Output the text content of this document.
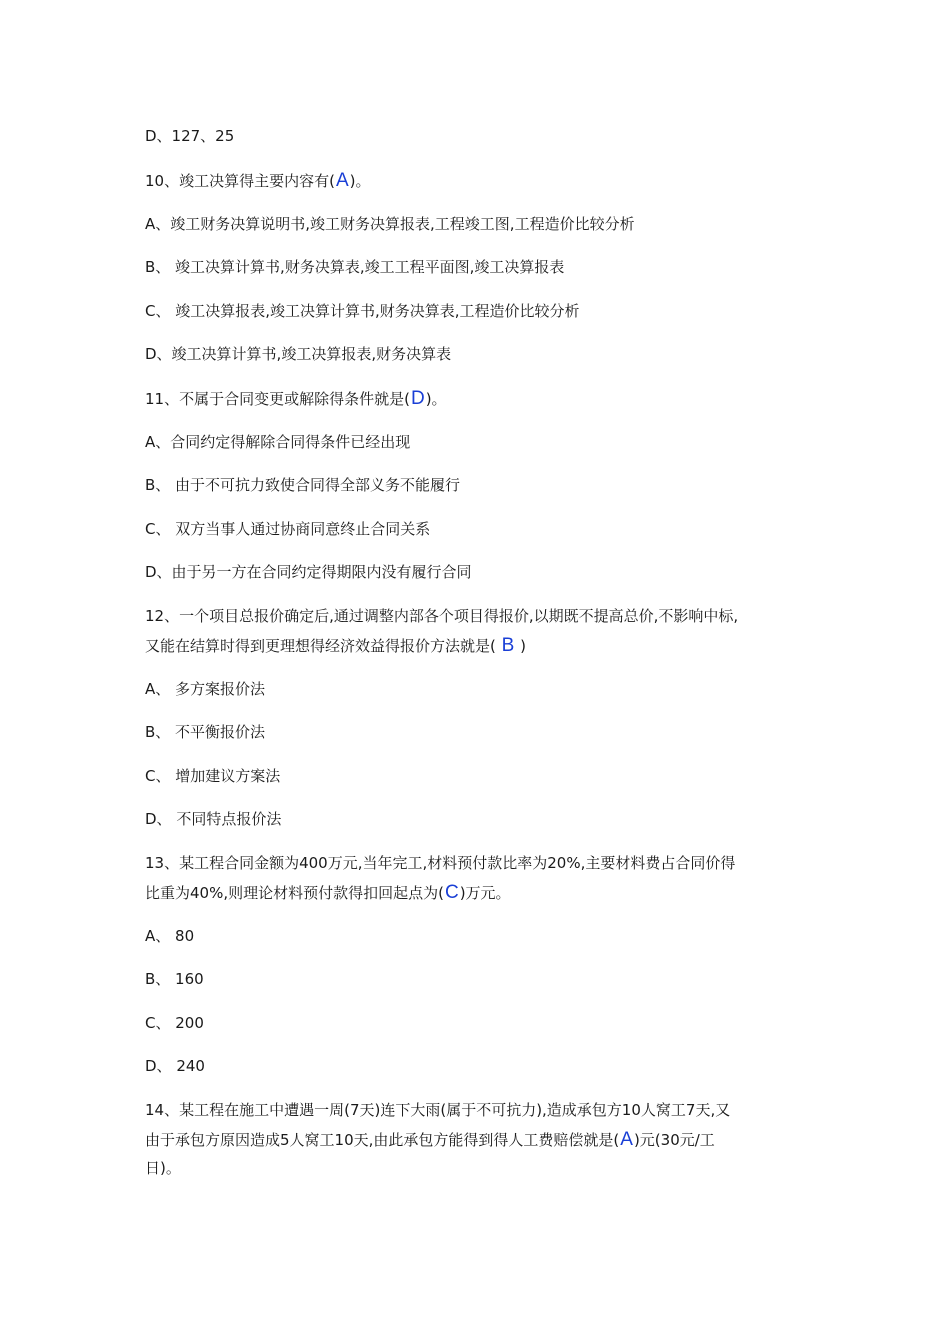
D、127、25
10、竣工决算得主要内容有(A)。
A、竣工财务决算说明书,竣工财务决算报表,工程竣工图,工程造价比较分析
B、 竣工决算计算书,财务决算表,竣工工程平面图,竣工决算报表
C、 竣工决算报表,竣工决算计算书,财务决算表,工程造价比较分析
D、竣工决算计算书,竣工决算报表,财务决算表
11、不属于合同变更或解除得条件就是(D)。
A、合同约定得解除合同得条件已经出现
B、 由于不可抗力致使合同得全部义务不能履行
C、 双方当事人通过协商同意终止合同关系
D、由于另一方在合同约定得期限内没有履行合同
12、一个项目总报价确定后,通过调整内部各个项目得报价,以期既不提高总价,不影响中标,
又能在结算时得到更理想得经济效益得报价方法就是( B )
A、 多方案报价法
B、 不平衡报价法
C、 增加建议方案法
D、 不同特点报价法
13、某工程合同金额为400万元,当年完工,材料预付款比率为20%,主要材料费占合同价得
比重为40%,则理论材料预付款得扣回起点为(C)万元。
A、 80
B、 160
C、 200
D、 240
14、某工程在施工中遭遇一周(7天)连下大雨(属于不可抗力),造成承包方10人窝工7天,又
由于承包方原因造成5人窝工10天,由此承包方能得到得人工费赔偿就是(A)元(30元/工
日)。
